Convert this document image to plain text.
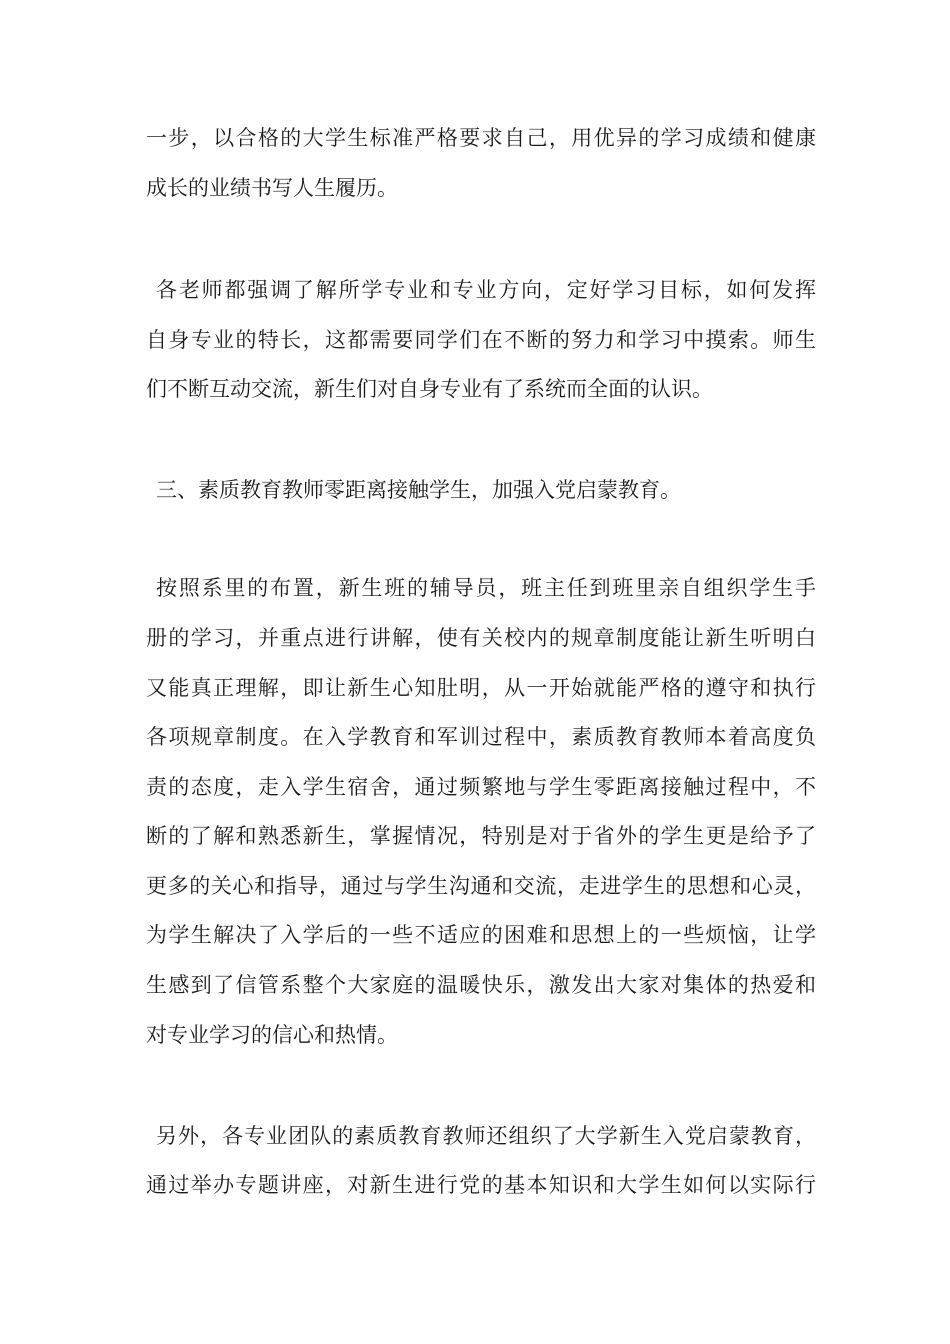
一步，以合格的大学生标准严格要求自己，用优异的学习成绩和健康
成长的业绩书写人生履历。
各老师都强调了解所学专业和专业方向，定好学习目标，如何发挥
自身专业的特长，这都需要同学们在不断的努力和学习中摸索。师生
们不断互动交流，新生们对自身专业有了系统而全面的认识。
三、素质教育教师零距离接触学生，加强入党启蒙教育。
按照系里的布置，新生班的辅导员，班主任到班里亲自组织学生手
册的学习，并重点进行讲解，使有关校内的规章制度能让新生听明白
又能真正理解，即让新生心知肚明，从一开始就能严格的遵守和执行
各项规章制度。在入学教育和军训过程中，素质教育教师本着高度负
责的态度，走入学生宿舍，通过频繁地与学生零距离接触过程中，不
断的了解和熟悉新生，掌握情况，特别是对于省外的学生更是给予了
更多的关心和指导，通过与学生沟通和交流，走进学生的思想和心灵，
为学生解决了入学后的一些不适应的困难和思想上的一些烦恼，让学
生感到了信管系整个大家庭的温暖快乐，激发出大家对集体的热爱和
对专业学习的信心和热情。
另外，各专业团队的素质教育教师还组织了大学新生入党启蒙教育，
通过举办专题讲座，对新生进行党的基本知识和大学生如何以实际行
